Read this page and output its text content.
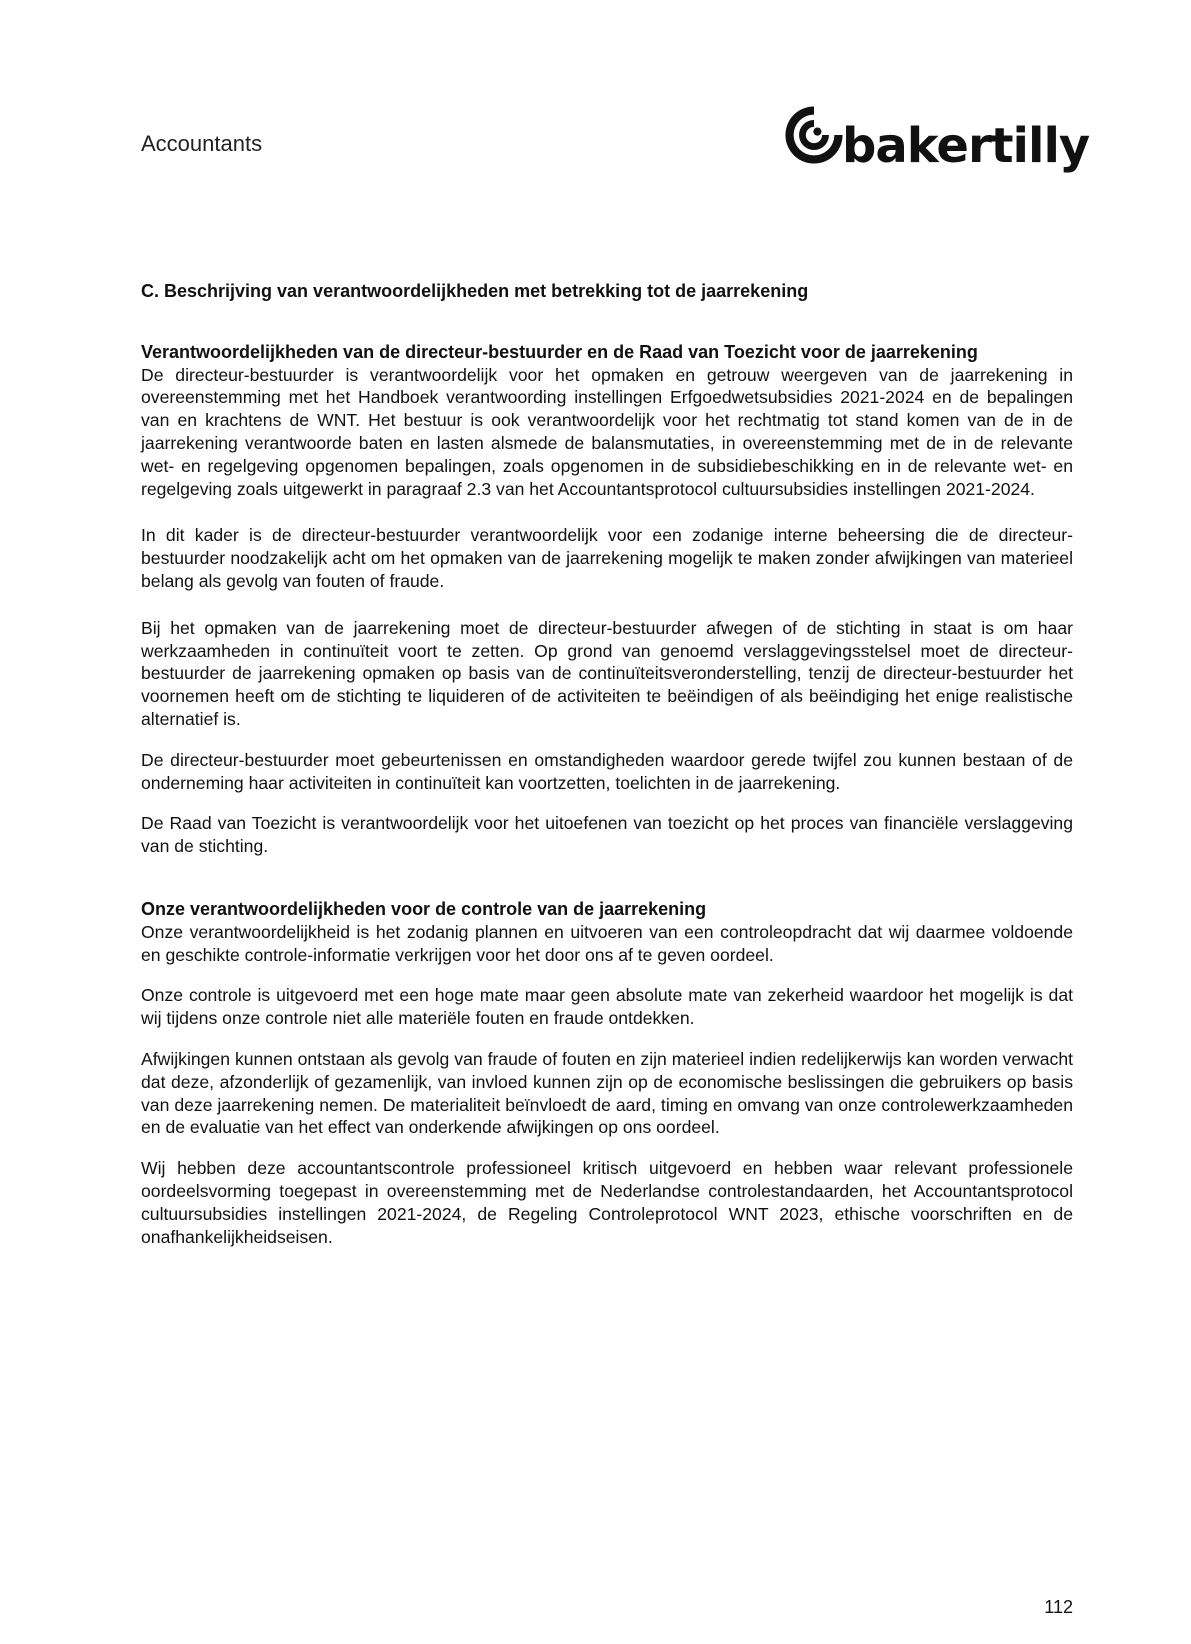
Accountants	bakertilly
C. Beschrijving van verantwoordelijkheden met betrekking tot de jaarrekening
Verantwoordelijkheden van de directeur-bestuurder en de Raad van Toezicht voor de jaarrekening

De directeur-bestuurder is verantwoordelijk voor het opmaken en getrouw weergeven van de jaarrekening in overeenstemming met het Handboek verantwoording instellingen Erfgoedwetsubsidies 2021-2024 en de bepalingen van en krachtens de WNT. Het bestuur is ook verantwoordelijk voor het rechtmatig tot stand komen van de in de jaarrekening verantwoorde baten en lasten alsmede de balansmutaties, in overeenstemming met de in de relevante wet- en regelgeving opgenomen bepalingen, zoals opgenomen in de subsidiebeschikking en in de relevante wet- en regelgeving zoals uitgewerkt in paragraaf 2.3 van het Accountantsprotocol cultuursubsidies instellingen 2021-2024.

In dit kader is de directeur-bestuurder verantwoordelijk voor een zodanige interne beheersing die de directeur-bestuurder noodzakelijk acht om het opmaken van de jaarrekening mogelijk te maken zonder afwijkingen van materieel belang als gevolg van fouten of fraude.

Bij het opmaken van de jaarrekening moet de directeur-bestuurder afwegen of de stichting in staat is om haar werkzaamheden in continuïteit voort te zetten. Op grond van genoemd verslaggevingsstelsel moet de directeur-bestuurder de jaarrekening opmaken op basis van de continuïteitsveronderstelling, tenzij de directeur-bestuurder het voornemen heeft om de stichting te liquideren of de activiteiten te beëindigen of als beëindiging het enige realistische alternatief is.

De directeur-bestuurder moet gebeurtenissen en omstandigheden waardoor gerede twijfel zou kunnen bestaan of de onderneming haar activiteiten in continuïteit kan voortzetten, toelichten in de jaarrekening.

De Raad van Toezicht is verantwoordelijk voor het uitoefenen van toezicht op het proces van financiële verslaggeving van de stichting.

Onze verantwoordelijkheden voor de controle van de jaarrekening

Onze verantwoordelijkheid is het zodanig plannen en uitvoeren van een controleopdracht dat wij daarmee voldoende en geschikte controle-informatie verkrijgen voor het door ons af te geven oordeel.

Onze controle is uitgevoerd met een hoge mate maar geen absolute mate van zekerheid waardoor het mogelijk is dat wij tijdens onze controle niet alle materiële fouten en fraude ontdekken.

Afwijkingen kunnen ontstaan als gevolg van fraude of fouten en zijn materieel indien redelijkerwijs kan worden verwacht dat deze, afzonderlijk of gezamenlijk, van invloed kunnen zijn op de economische beslissingen die gebruikers op basis van deze jaarrekening nemen. De materialiteit beïnvloedt de aard, timing en omvang van onze controlewerkzaamheden en de evaluatie van het effect van onderkende afwijkingen op ons oordeel.

Wij hebben deze accountantscontrole professioneel kritisch uitgevoerd en hebben waar relevant professionele oordeelsvorming toegepast in overeenstemming met de Nederlandse controlestandaarden, het Accountantsprotocol cultuursubsidies instellingen 2021-2024, de Regeling Controleprotocol WNT 2023, ethische voorschriften en de onafhankelijkheidseisen.

112
